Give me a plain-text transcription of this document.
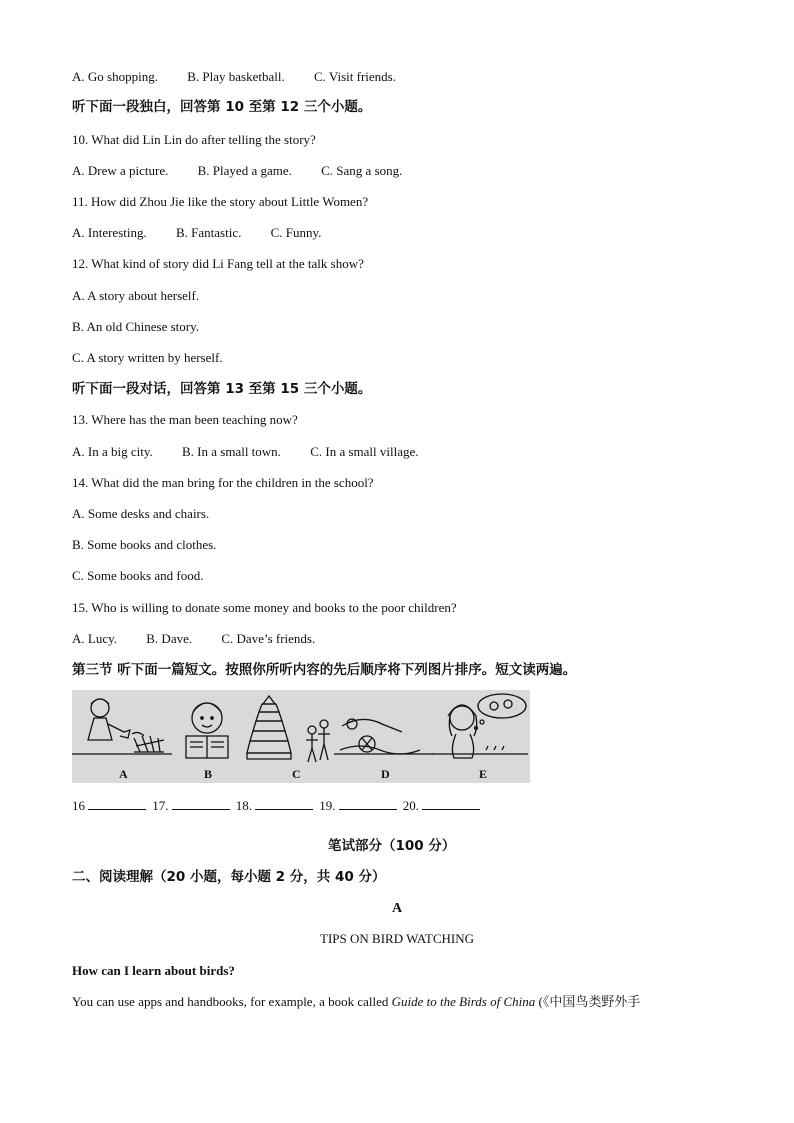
A. Go shopping. B. Play basketball. C. Visit friends.
听下面一段独白，回答第 10 至第 12 三个小题。
10. What did Lin Lin do after telling the story?
A. Drew a picture. B. Played a game. C. Sang a song.
11. How did Zhou Jie like the story about Little Women?
A. Interesting. B. Fantastic. C. Funny.
12. What kind of story did Li Fang tell at the talk show?
A. A story about herself.
B. An old Chinese story.
C. A story written by herself.
听下面一段对话，回答第 13 至第 15 三个小题。
13. Where has the man been teaching now?
A. In a big city. B. In a small town. C. In a small village.
14. What did the man bring for the children in the school?
A. Some desks and chairs.
B. Some books and clothes.
C. Some books and food.
15. Who is willing to donate some money and books to the poor children?
A. Lucy. B. Dave. C. Dave’s friends.
第三节 听下面一篇短文。按照你所听内容的先后顺序将下列图片排序。短文读两遍。
A	B	C	D	E
16	17.	18.	19.	20.
笔试部分（100 分）
二、阅读理解（20 小题，每小题 2 分，共 40 分）
A
TIPS ON BIRD WATCHING
How can I learn about birds?
You can use apps and handbooks, for example, a book called Guide to the Birds of China (《中国鸟类野外手
